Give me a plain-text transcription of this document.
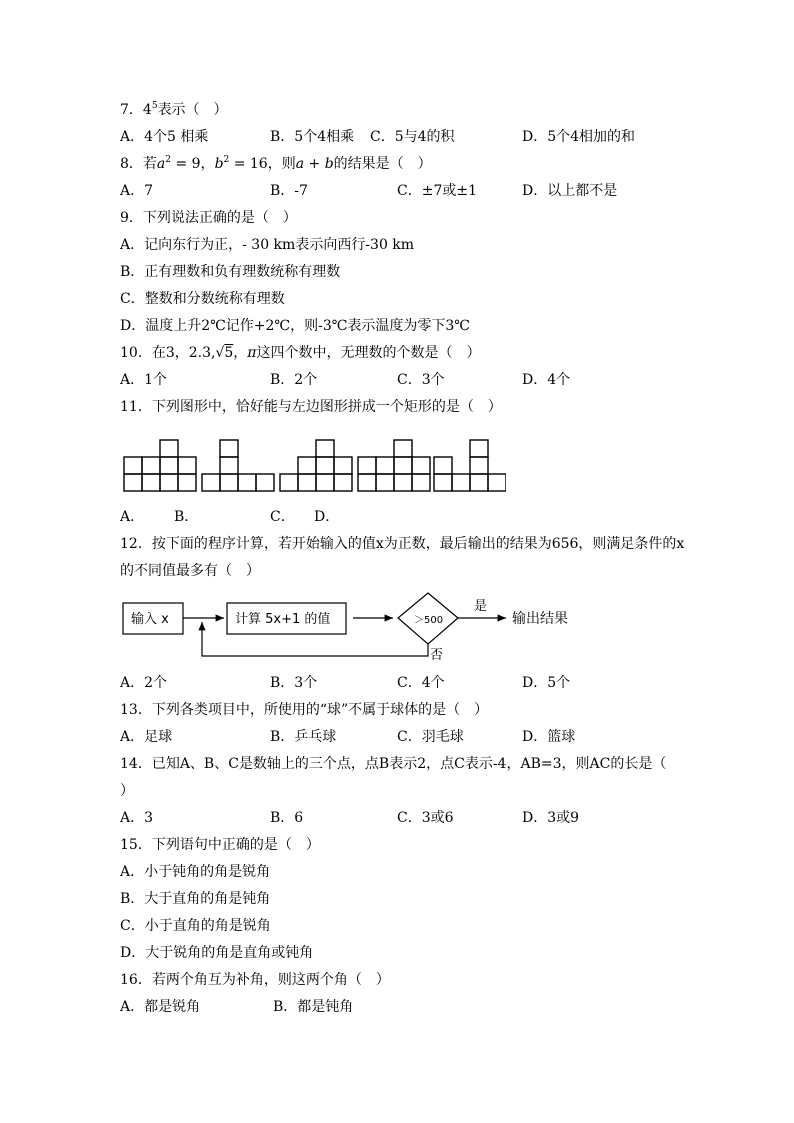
7．$4^5$表示（　）
A．4个5 相乘	B．5个4相乘 C．5与4的积	D．5个4相加的和
8．若$a^2 = 9$，$b^2 = 16$，则a + b的结果是（　）
A．7	B．-7	C．±7或±1	D．以上都不是
9．下列说法正确的是（　）
A．记向东行为正，- 30 km表示向西行-30 km
B．正有理数和负有理数统称有理数
C．整数和分数统称有理数
D．温度上升2℃记作+2℃，则-3℃表示温度为零下3℃
10．在3，2.3,√5，π这四个数中，无理数的个数是（　）
A．1个	B．2个	C．3个	D．4个
11．下列图形中，恰好能与左边图形拼成一个矩形的是（　）
A． B．	C． D．
12．按下面的程序计算，若开始输入的值x为正数，最后输出的结果为656，则满足条件的x
的不同值最多有（　）
输入 x	计算 5x+1 的值	＞500
是
否
输出结果
A．2个	B．3个	C．4个	D．5个
13．下列各类项目中，所使用的“球”不属于球体的是（　）
A．足球	B．乒乓球	C．羽毛球	D．篮球
14．已知A、B、C是数轴上的三个点，点B表示2，点C表示-4，AB=3，则AC的长是（
）
A．3	B．6	C．3或6	D．3或9
15．下列语句中正确的是（　）
A．小于钝角的角是锐角
B．大于直角的角是钝角
C．小于直角的角是锐角
D．大于锐角的角是直角或钝角
16．若两个角互为补角，则这两个角（　）
A．都是锐角	B．都是钝角
